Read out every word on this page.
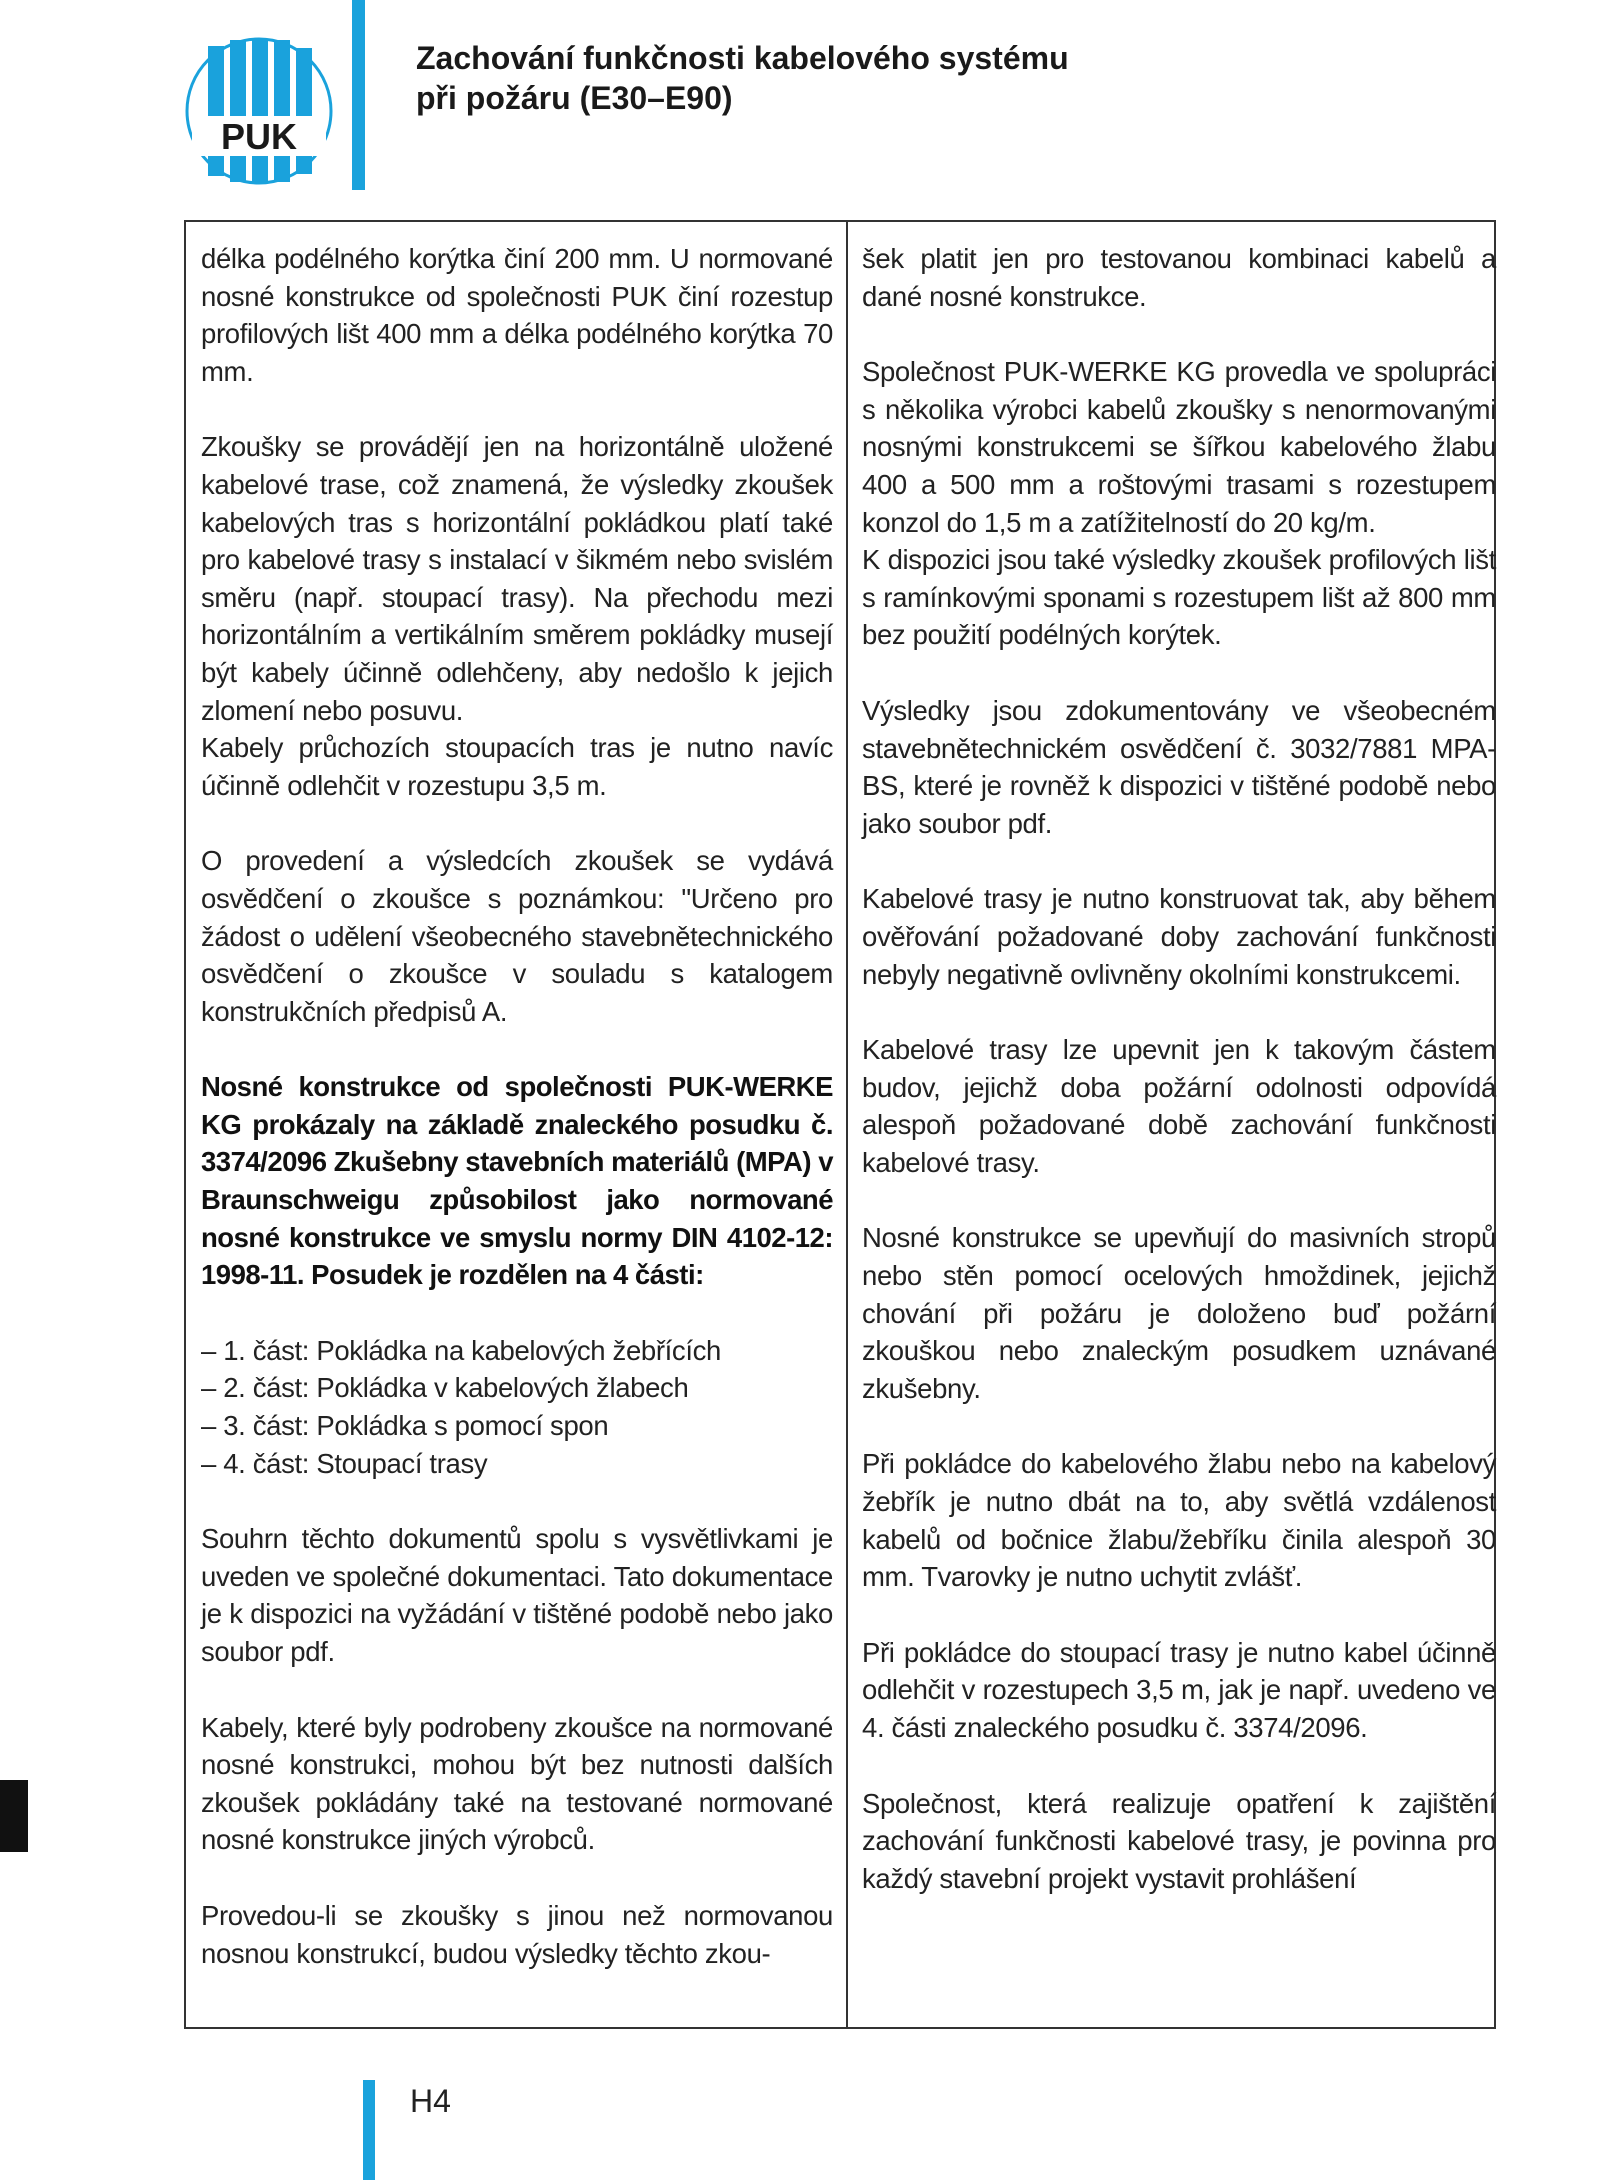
PUK
Zachování funkčnosti kabelového systému
při požáru (E30–E90)

délka podélného korýtka činí 200 mm. U normované nosné konstrukce od společnosti PUK činí rozestup profilových lišt 400 mm a délka podélného korýtka 70 mm.

Zkoušky se provádějí jen na horizontálně uložené kabelové trase, což znamená, že výsledky zkoušek kabelových tras s horizontální pokládkou platí také pro kabelové trasy s instalací v šikmém nebo svislém směru (např. stoupací trasy). Na přechodu mezi horizontálním a vertikálním směrem pokládky musejí být kabely účinně odlehčeny, aby nedošlo k jejich zlomení nebo posuvu.

Kabely průchozích stoupacích tras je nutno navíc účinně odlehčit v rozestupu 3,5 m.

O provedení a výsledcích zkoušek se vydává osvědčení o zkoušce s poznámkou: "Určeno pro žádost o udělení všeobecného stavebnětechnického osvědčení o zkoušce v souladu s katalogem konstrukčních předpisů A.

Nosné konstrukce od společnosti PUK-WERKE KG prokázaly na základě znaleckého posudku č. 3374/2096 Zkušebny stavebních materiálů (MPA) v Braunschweigu způsobilost jako normované nosné konstrukce ve smyslu normy DIN 4102-12: 1998-11. Posudek je rozdělen na 4 části:

– 1. část: Pokládka na kabelových žebřících
– 2. část: Pokládka v kabelových žlabech
– 3. část: Pokládka s pomocí spon
– 4. část: Stoupací trasy

Souhrn těchto dokumentů spolu s vysvětlivkami je uveden ve společné dokumentaci. Tato dokumentace je k dispozici na vyžádání v tištěné podobě nebo jako soubor pdf.

Kabely, které byly podrobeny zkoušce na normované nosné konstrukci, mohou být bez nutnosti dalších zkoušek pokládány také na testované normované nosné konstrukce jiných výrobců.

Provedou-li se zkoušky s jinou než normovanou nosnou konstrukcí, budou výsledky těchto zkou-

šek platit jen pro testovanou kombinaci kabelů a dané nosné konstrukce.

Společnost PUK-WERKE KG provedla ve spolupráci s několika výrobci kabelů zkoušky s nenormovanými nosnými konstrukcemi se šířkou kabelového žlabu 400 a 500 mm a roštovými trasami s rozestupem konzol do 1,5 m a zatížitelností do 20 kg/m.

K dispozici jsou také výsledky zkoušek profilových lišt s ramínkovými sponami s rozestupem lišt až 800 mm bez použití podélných korýtek.

Výsledky jsou zdokumentovány ve všeobecném stavebnětechnickém osvědčení č. 3032/7881 MPA-BS, které je rovněž k dispozici v tištěné podobě nebo jako soubor pdf.

Kabelové trasy je nutno konstruovat tak, aby během ověřování požadované doby zachování funkčnosti nebyly negativně ovlivněny okolními konstrukcemi.

Kabelové trasy lze upevnit jen k takovým částem budov, jejichž doba požární odolnosti odpovídá alespoň požadované době zachování funkčnosti kabelové trasy.

Nosné konstrukce se upevňují do masivních stropů nebo stěn pomocí ocelových hmoždinek, jejichž chování při požáru je doloženo buď požární zkouškou nebo znaleckým posudkem uznávané zkušebny.

Při pokládce do kabelového žlabu nebo na kabelový žebřík je nutno dbát na to, aby světlá vzdálenost kabelů od bočnice žlabu/žebříku činila alespoň 30 mm. Tvarovky je nutno uchytit zvlášť.

Při pokládce do stoupací trasy je nutno kabel účinně odlehčit v rozestupech 3,5 m, jak je např. uvedeno ve 4. části znaleckého posudku č. 3374/2096.

Společnost, která realizuje opatření k zajištění zachování funkčnosti kabelové trasy, je povinna pro každý stavební projekt vystavit prohlášení

H4
